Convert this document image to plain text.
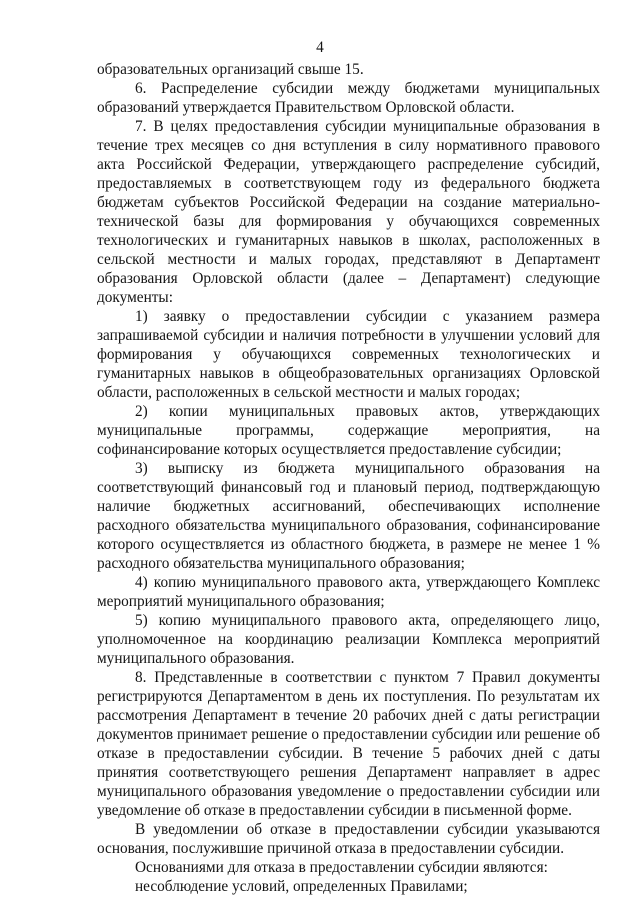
4

образовательных организаций свыше 15.

6. Распределение субсидии между бюджетами муниципальных образований утверждается Правительством Орловской области.

7. В целях предоставления субсидии муниципальные образования в течение трех месяцев со дня вступления в силу нормативного правового акта Российской Федерации, утверждающего распределение субсидий, предоставляемых в соответствующем году из федерального бюджета бюджетам субъектов Российской Федерации на создание материально-технической базы для формирования у обучающихся современных технологических и гуманитарных навыков в школах, расположенных в сельской местности и малых городах, представляют в Департамент образования Орловской области (далее – Департамент) следующие документы:

1) заявку о предоставлении субсидии с указанием размера запрашиваемой субсидии и наличия потребности в улучшении условий для формирования у обучающихся современных технологических и гуманитарных навыков в общеобразовательных организациях Орловской области, расположенных в сельской местности и малых городах;

2) копии муниципальных правовых актов, утверждающих муниципальные программы, содержащие мероприятия, на софинансирование которых осуществляется предоставление субсидии;

3) выписку из бюджета муниципального образования на соответствующий финансовый год и плановый период, подтверждающую наличие бюджетных ассигнований, обеспечивающих исполнение расходного обязательства муниципального образования, софинансирование которого осуществляется из областного бюджета, в размере не менее 1 % расходного обязательства муниципального образования;

4) копию муниципального правового акта, утверждающего Комплекс мероприятий муниципального образования;

5) копию муниципального правового акта, определяющего лицо, уполномоченное на координацию реализации Комплекса мероприятий муниципального образования.

8. Представленные в соответствии с пунктом 7 Правил документы регистрируются Департаментом в день их поступления. По результатам их рассмотрения Департамент в течение 20 рабочих дней с даты регистрации документов принимает решение о предоставлении субсидии или решение об отказе в предоставлении субсидии. В течение 5 рабочих дней с даты принятия соответствующего решения Департамент направляет в адрес муниципального образования уведомление о предоставлении субсидии или уведомление об отказе в предоставлении субсидии в письменной форме.

В уведомлении об отказе в предоставлении субсидии указываются основания, послужившие причиной отказа в предоставлении субсидии.

Основаниями для отказа в предоставлении субсидии являются:

несоблюдение условий, определенных Правилами;
